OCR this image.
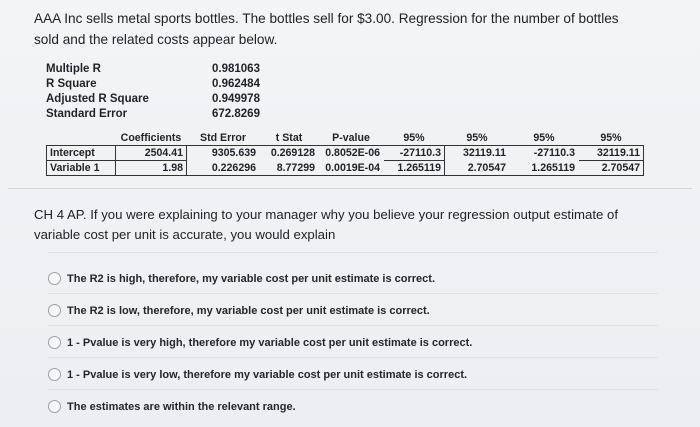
AAA Inc sells metal sports bottles. The bottles sell for $3.00. Regression for the number of bottles
sold and the related costs appear below.
Multiple R	0.981063
R Square	0.962484
Adjusted R Square	0.949978
Standard Error	672.8269
	Coefficients	Std Error	t Stat	P-value	95%	95%	95%	95%
Intercept	2504.41	9305.639	0.269128	0.8052E-06	-27110.3	32119.11	-27110.3	32119.11
Variable 1	1.98	0.226296	8.77299	0.0019E-04	1.265119	2.70547	1.265119	2.70547
CH 4 AP. If you were explaining to your manager why you believe your regression output estimate of
variable cost per unit is accurate, you would explain
The R2 is high, therefore, my variable cost per unit estimate is correct.
The R2 is low, therefore, my variable cost per unit estimate is correct.
1 - Pvalue is very high, therefore my variable cost per unit estimate is correct.
1 - Pvalue is very low, therefore my variable cost per unit estimate is correct.
The estimates are within the relevant range.
